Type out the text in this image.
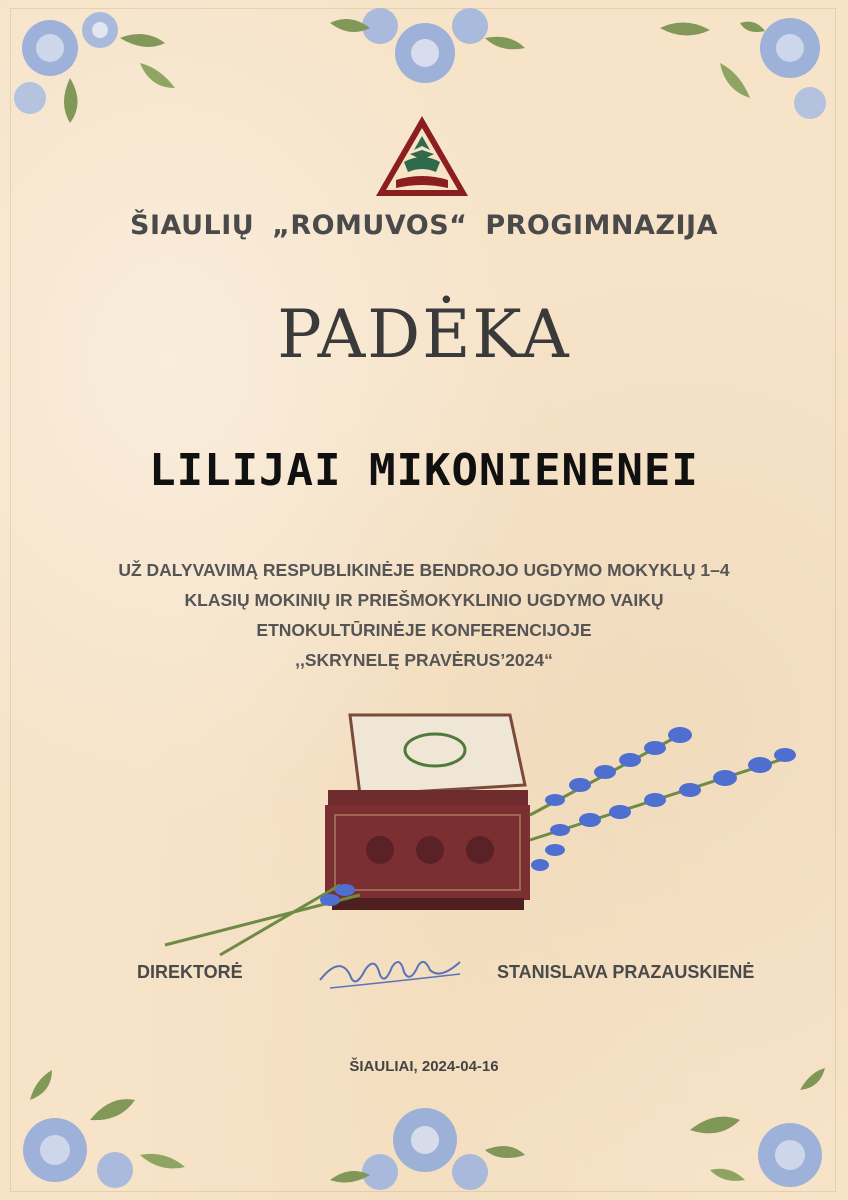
ŠIAULIŲ „ROMUVOS“ PROGIMNAZIJA
PADĖKA
LILIJAI MIKONIENENEI
UŽ DALYVAVIMĄ RESPUBLIKINĖJE BENDROJO UGDYMO MOKYKLŲ 1–4
KLASIŲ MOKINIŲ IR PRIEŠMOKYKLINIO UGDYMO VAIKŲ
ETNOKULTŪRINĖJE KONFERENCIJOJE
,,SKRYNELĘ PRAVĖRUS’2024“
DIREKTORĖ	STANISLAVA PRAZAUSKIENĖ
ŠIAULIAI, 2024-04-16
